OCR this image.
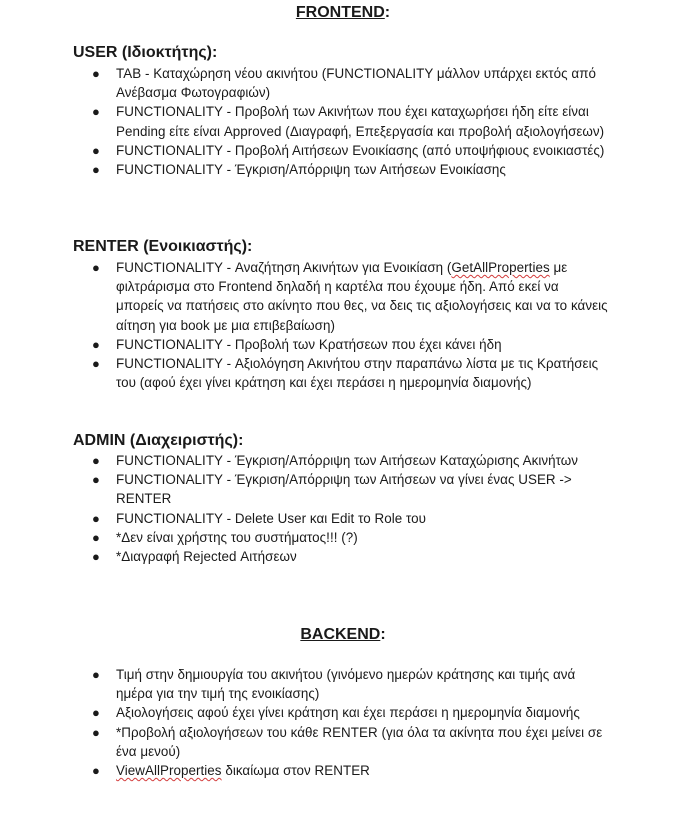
FRONTEND:
USER (Ιδιοκτήτης):
● TAB - Καταχώρηση νέου ακινήτου (FUNCTIONALITY μάλλον υπάρχει εκτός από Ανέβασμα Φωτογραφιών)
● FUNCTIONALITY - Προβολή των Ακινήτων που έχει καταχωρήσει ήδη είτε είναι Pending είτε είναι Approved (Διαγραφή, Επεξεργασία και προβολή αξιολογήσεων)
● FUNCTIONALITY - Προβολή Αιτήσεων Ενοικίασης (από υποψήφιους ενοικιαστές)
● FUNCTIONALITY - Έγκριση/Απόρριψη των Αιτήσεων Ενοικίασης
RENTER (Ενοικιαστής):
● FUNCTIONALITY - Αναζήτηση Ακινήτων για Ενοικίαση (GetAllProperties με φιλτράρισμα στο Frontend δηλαδή η καρτέλα που έχουμε ήδη. Από εκεί να μπορείς να πατήσεις στο ακίνητο που θες, να δεις τις αξιολογήσεις και να το κάνεις αίτηση για book με μια επιβεβαίωση)
● FUNCTIONALITY - Προβολή των Κρατήσεων που έχει κάνει ήδη
● FUNCTIONALITY - Αξιολόγηση Ακινήτου στην παραπάνω λίστα με τις Κρατήσεις του (αφού έχει γίνει κράτηση και έχει περάσει η ημερομηνία διαμονής)
ADMIN (Διαχειριστής):
● FUNCTIONALITY - Έγκριση/Απόρριψη των Αιτήσεων Καταχώρισης Ακινήτων
● FUNCTIONALITY - Έγκριση/Απόρριψη των Αιτήσεων να γίνει ένας USER -> RENTER
● FUNCTIONALITY - Delete User και Edit το Role του
● *Δεν είναι χρήστης του συστήματος!!! (?)
● *Διαγραφή Rejected Αιτήσεων
BACKEND:
● Τιμή στην δημιουργία του ακινήτου (γινόμενο ημερών κράτησης και τιμής ανά ημέρα για την τιμή της ενοικίασης)
● Αξιολογήσεις αφού έχει γίνει κράτηση και έχει περάσει η ημερομηνία διαμονής
● *Προβολή αξιολογήσεων του κάθε RENTER (για όλα τα ακίνητα που έχει μείνει σε ένα μενού)
● ViewAllProperties δικαίωμα στον RENTER
